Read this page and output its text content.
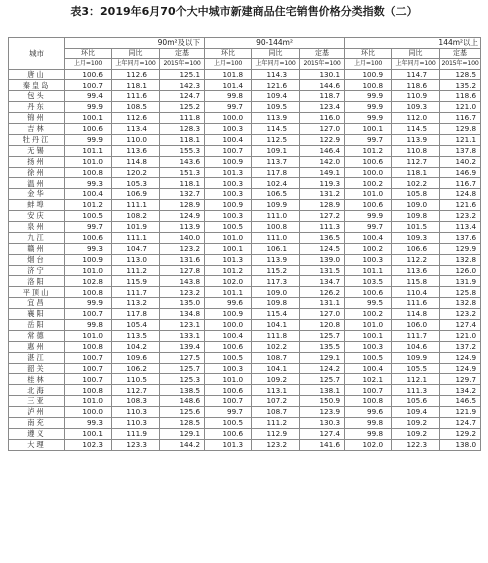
表3：2019年6月70个大中城市新建商品住宅销售价格分类指数（二）
城市	90m²及以下			90-144m²			144m²以上		
	环比	同比	定基	环比	同比	定基	环比	同比	定基
	上月=100	上年同月=100	2015年=100	上月=100	上年同月=100	2015年=100	上月=100	上年同月=100	2015年=100
唐山	100.6	112.6	125.1	101.8	114.3	130.1	100.9	114.7	128.5
秦皇岛	100.7	118.1	142.3	101.4	121.6	144.6	100.8	118.6	135.2
包头	99.4	111.6	124.7	99.8	109.4	118.7	99.9	110.9	118.6
丹东	99.9	108.5	125.2	99.7	109.5	123.4	99.9	109.3	121.0
锦州	100.1	112.6	111.8	100.0	113.9	116.0	99.9	112.0	116.7
吉林	100.6	113.4	128.3	100.3	114.5	127.0	100.1	114.5	129.8
牡丹江	99.9	110.0	118.1	100.4	112.5	122.9	99.7	113.9	121.1
无锡	101.1	113.6	155.3	100.7	109.1	146.4	101.2	110.8	137.8
扬州	101.0	114.8	143.6	100.9	113.7	142.0	100.6	112.7	140.2
徐州	100.8	120.2	151.3	101.3	117.8	149.1	100.0	118.1	146.9
温州	99.3	105.3	118.1	100.3	102.4	119.3	100.2	102.2	116.7
金华	100.4	106.9	132.7	100.3	106.5	131.2	101.0	105.8	124.8
蚌埠	101.2	111.1	128.9	100.9	109.9	128.9	100.6	109.0	121.6
安庆	100.5	108.2	124.9	100.3	111.0	127.2	99.9	109.8	123.2
泉州	99.7	101.9	113.9	100.5	100.8	111.3	99.7	101.5	113.4
九江	100.6	111.1	140.0	101.0	111.0	136.5	100.4	109.3	137.6
赣州	99.3	104.7	123.2	100.1	106.1	124.5	100.2	106.6	129.9
烟台	100.9	113.0	131.6	101.3	113.9	139.0	100.3	112.2	132.8
济宁	101.0	111.2	127.8	101.2	115.2	131.5	101.1	113.6	126.0
洛阳	102.8	115.9	143.8	102.0	117.3	134.7	103.5	115.8	131.9
平顶山	100.8	111.7	123.2	101.1	109.0	126.2	100.6	110.4	125.8
宜昌	99.9	113.2	135.0	99.6	109.8	131.1	99.5	111.6	132.8
襄阳	100.7	117.8	134.8	100.9	115.4	127.0	100.2	114.8	123.2
岳阳	99.8	105.4	123.1	100.0	104.1	120.8	101.0	106.0	127.4
常德	101.0	113.5	133.1	100.4	111.8	125.7	100.1	111.7	121.0
惠州	100.8	104.2	139.4	100.6	102.2	135.5	100.3	104.6	137.2
湛江	100.7	109.6	127.5	100.5	108.7	129.1	100.5	109.9	124.9
韶关	100.7	106.2	125.7	100.3	104.1	124.2	100.4	105.5	124.9
桂林	100.7	110.5	125.3	101.0	109.2	125.7	102.1	112.1	129.7
北海	100.8	112.7	138.5	100.6	113.1	138.1	100.7	111.3	134.2
三亚	101.0	108.3	148.6	100.7	107.2	150.9	100.8	105.6	146.5
泸州	100.0	110.3	125.6	99.7	108.7	123.9	99.6	109.4	121.9
南充	99.3	110.3	128.5	100.5	111.2	130.3	99.8	109.2	124.7
遵义	100.1	111.9	129.1	100.6	112.9	127.4	99.8	109.2	129.2
大理	102.3	123.3	144.2	101.3	123.2	141.6	102.0	122.3	138.0
